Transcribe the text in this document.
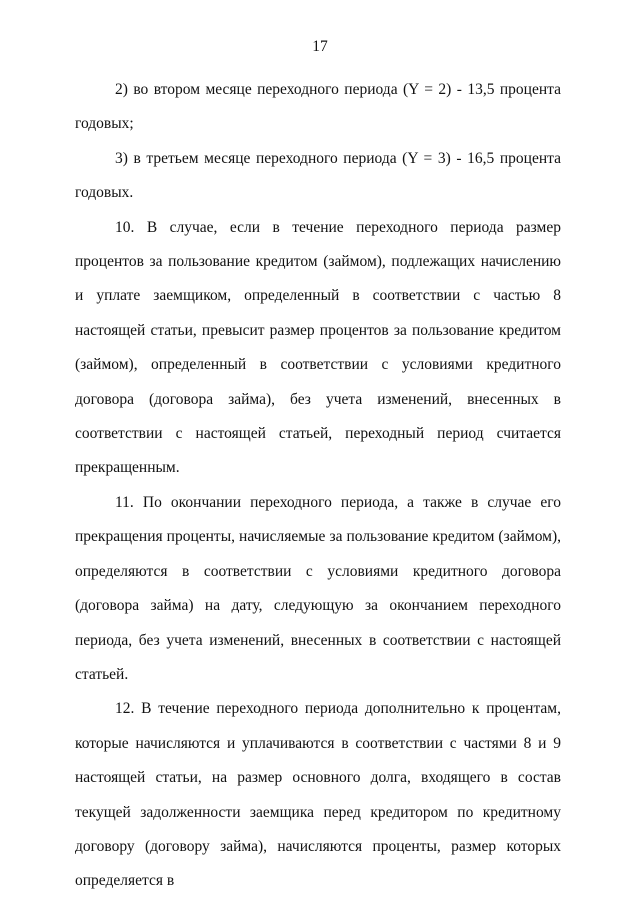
17

2) во втором месяце переходного периода (Y = 2) - 13,5 процента годовых;

3) в третьем месяце переходного периода (Y = 3) - 16,5 процента годовых.

10. В случае, если в течение переходного периода размер процентов за пользование кредитом (займом), подлежащих начислению и уплате заемщиком, определенный в соответствии с частью 8 настоящей статьи, превысит размер процентов за пользование кредитом (займом), определенный в соответствии с условиями кредитного договора (договора займа), без учета изменений, внесенных в соответствии с настоящей статьей, переходный период считается прекращенным.

11. По окончании переходного периода, а также в случае его прекращения проценты, начисляемые за пользование кредитом (займом), определяются в соответствии с условиями кредитного договора (договора займа) на дату, следующую за окончанием переходного периода, без учета изменений, внесенных в соответствии с настоящей статьей.

12. В течение переходного периода дополнительно к процентам, которые начисляются и уплачиваются в соответствии с частями 8 и 9 настоящей статьи, на размер основного долга, входящего в состав текущей задолженности заемщика перед кредитором по кредитному договору (договору займа), начисляются проценты, размер которых определяется в
